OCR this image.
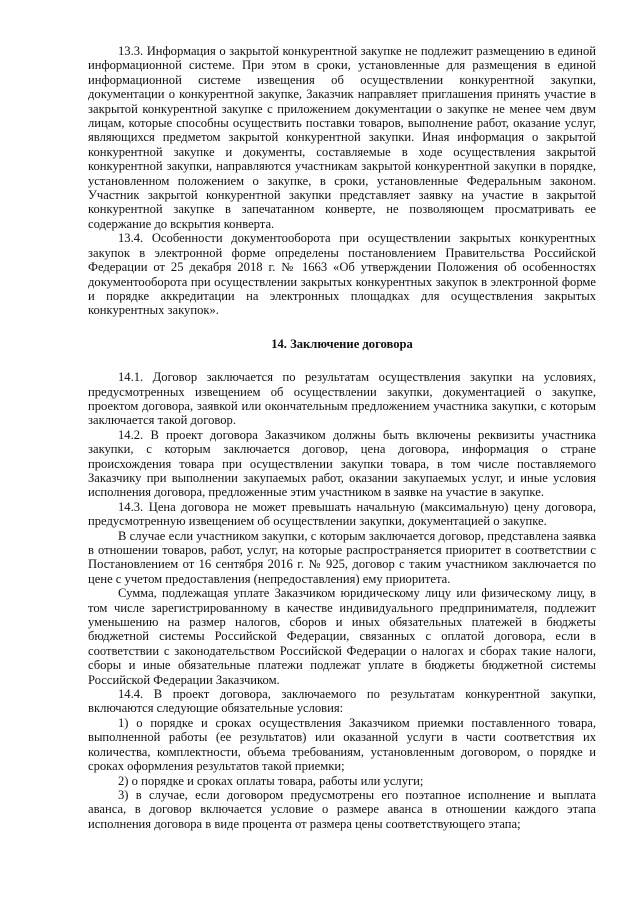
13.3. Информация о закрытой конкурентной закупке не подлежит размещению в единой информационной системе. При этом в сроки, установленные для размещения в единой информационной системе извещения об осуществлении конкурентной закупки, документации о конкурентной закупке, Заказчик направляет приглашения принять участие в закрытой конкурентной закупке с приложением документации о закупке не менее чем двум лицам, которые способны осуществить поставки товаров, выполнение работ, оказание услуг, являющихся предметом закрытой конкурентной закупки. Иная информация о закрытой конкурентной закупке и документы, составляемые в ходе осуществления закрытой конкурентной закупки, направляются участникам закрытой конкурентной закупки в порядке, установленном положением о закупке, в сроки, установленные Федеральным законом. Участник закрытой конкурентной закупки представляет заявку на участие в закрытой конкурентной закупке в запечатанном конверте, не позволяющем просматривать ее содержание до вскрытия конверта.

13.4. Особенности документооборота при осуществлении закрытых конкурентных закупок в электронной форме определены постановлением Правительства Российской Федерации от 25 декабря 2018 г. № 1663 «Об утверждении Положения об особенностях документооборота при осуществлении закрытых конкурентных закупок в электронной форме и порядке аккредитации на электронных площадках для осуществления закрытых конкурентных закупок».

14. Заключение договора

14.1. Договор заключается по результатам осуществления закупки на условиях, предусмотренных извещением об осуществлении закупки, документацией о закупке, проектом договора, заявкой или окончательным предложением участника закупки, с которым заключается такой договор.

14.2. В проект договора Заказчиком должны быть включены реквизиты участника закупки, с которым заключается договор, цена договора, информация о стране происхождения товара при осуществлении закупки товара, в том числе поставляемого Заказчику при выполнении закупаемых работ, оказании закупаемых услуг, и иные условия исполнения договора, предложенные этим участником в заявке на участие в закупке.

14.3. Цена договора не может превышать начальную (максимальную) цену договора, предусмотренную извещением об осуществлении закупки, документацией о закупке.

В случае если участником закупки, с которым заключается договор, представлена заявка в отношении товаров, работ, услуг, на которые распространяется приоритет в соответствии с Постановлением от 16 сентября 2016 г. № 925, договор с таким участником заключается по цене с учетом предоставления (непредоставления) ему приоритета.

Сумма, подлежащая уплате Заказчиком юридическому лицу или физическому лицу, в том числе зарегистрированному в качестве индивидуального предпринимателя, подлежит уменьшению на размер налогов, сборов и иных обязательных платежей в бюджеты бюджетной системы Российской Федерации, связанных с оплатой договора, если в соответствии с законодательством Российской Федерации о налогах и сборах такие налоги, сборы и иные обязательные платежи подлежат уплате в бюджеты бюджетной системы Российской Федерации Заказчиком.

14.4. В проект договора, заключаемого по результатам конкурентной закупки, включаются следующие обязательные условия:

1) о порядке и сроках осуществления Заказчиком приемки поставленного товара, выполненной работы (ее результатов) или оказанной услуги в части соответствия их количества, комплектности, объема требованиям, установленным договором, о порядке и сроках оформления результатов такой приемки;

2) о порядке и сроках оплаты товара, работы или услуги;

3) в случае, если договором предусмотрены его поэтапное исполнение и выплата аванса, в договор включается условие о размере аванса в отношении каждого этапа исполнения договора в виде процента от размера цены соответствующего этапа;
